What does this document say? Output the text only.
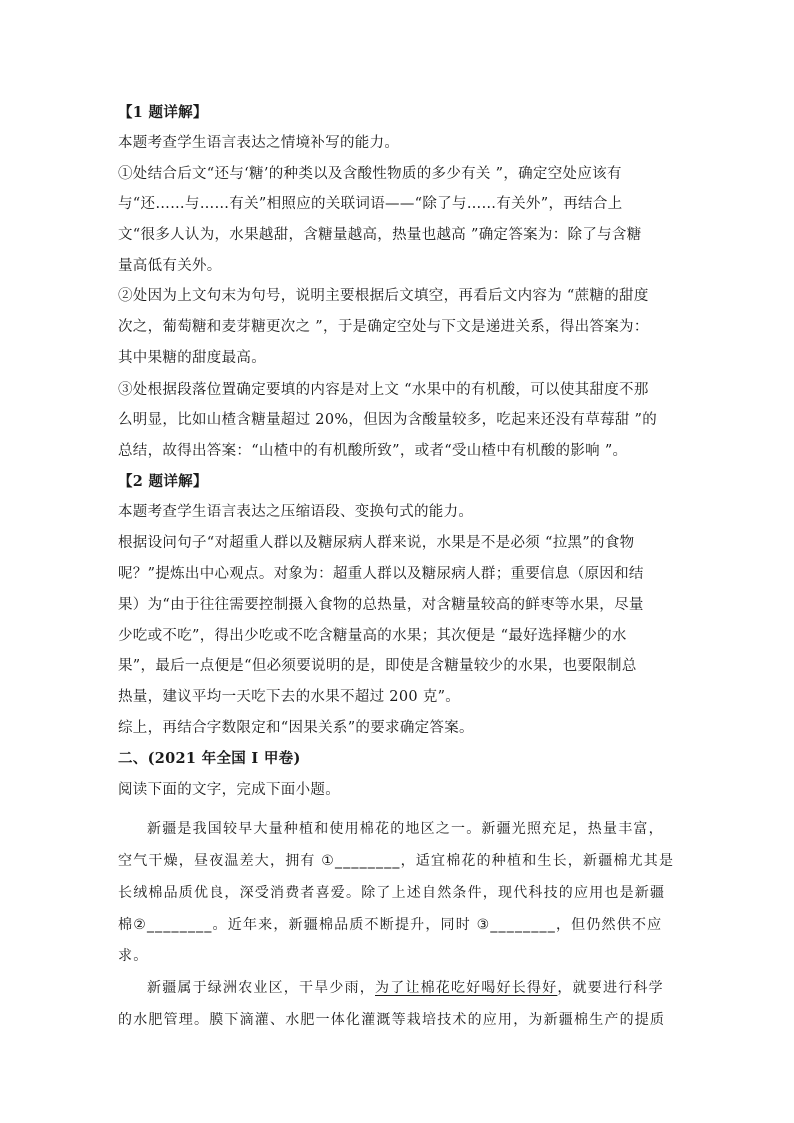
【1 题详解】
本题考查学生语言表达之情境补写的能力。
①处结合后文“还与‘糖’的种类以及含酸性物质的多少有关 ”，确定空处应该有
与“还……与……有关”相照应的关联词语——“除了与……有关外”，再结合上
文“很多人认为，水果越甜，含糖量越高，热量也越高 ”确定答案为：除了与含糖
量高低有关外。
②处因为上文句末为句号，说明主要根据后文填空，再看后文内容为 “蔗糖的甜度
次之，葡萄糖和麦芽糖更次之 ”，于是确定空处与下文是递进关系，得出答案为：
其中果糖的甜度最高。
③处根据段落位置确定要填的内容是对上文 “水果中的有机酸，可以使其甜度不那
么明显，比如山楂含糖量超过 20%，但因为含酸量较多，吃起来还没有草莓甜 ”的
总结，故得出答案：“山楂中的有机酸所致”，或者“受山楂中有机酸的影响 ”。
【2 题详解】
本题考查学生语言表达之压缩语段、变换句式的能力。
根据设问句子“对超重人群以及糖尿病人群来说，水果是不是必须 “拉黑”的食物
呢？”提炼出中心观点。对象为：超重人群以及糖尿病人群；重要信息（原因和结
果）为“由于往往需要控制摄入食物的总热量，对含糖量较高的鲜枣等水果，尽量
少吃或不吃”，得出少吃或不吃含糖量高的水果；其次便是 “最好选择糖少的水
果”，最后一点便是“但必须要说明的是，即使是含糖量较少的水果，也要限制总
热量，建议平均一天吃下去的水果不超过 200 克”。
综上，再结合字数限定和“因果关系”的要求确定答案。
二、(2021 年全国 I 甲卷)
阅读下面的文字，完成下面小题。
新疆是我国较早大量种植和使用棉花的地区之一。新疆光照充足，热量丰富，
空气干燥，昼夜温差大，拥有 ①________，适宜棉花的种植和生长，新疆棉尤其是
长绒棉品质优良，深受消费者喜爱。除了上述自然条件，现代科技的应用也是新疆
棉②________。近年来，新疆棉品质不断提升，同时 ③________，但仍然供不应
求。
新疆属于绿洲农业区，干旱少雨，为了让棉花吃好喝好长得好，就要进行科学
的水肥管理。膜下滴灌、水肥一体化灌溉等栽培技术的应用，为新疆棉生产的提质
